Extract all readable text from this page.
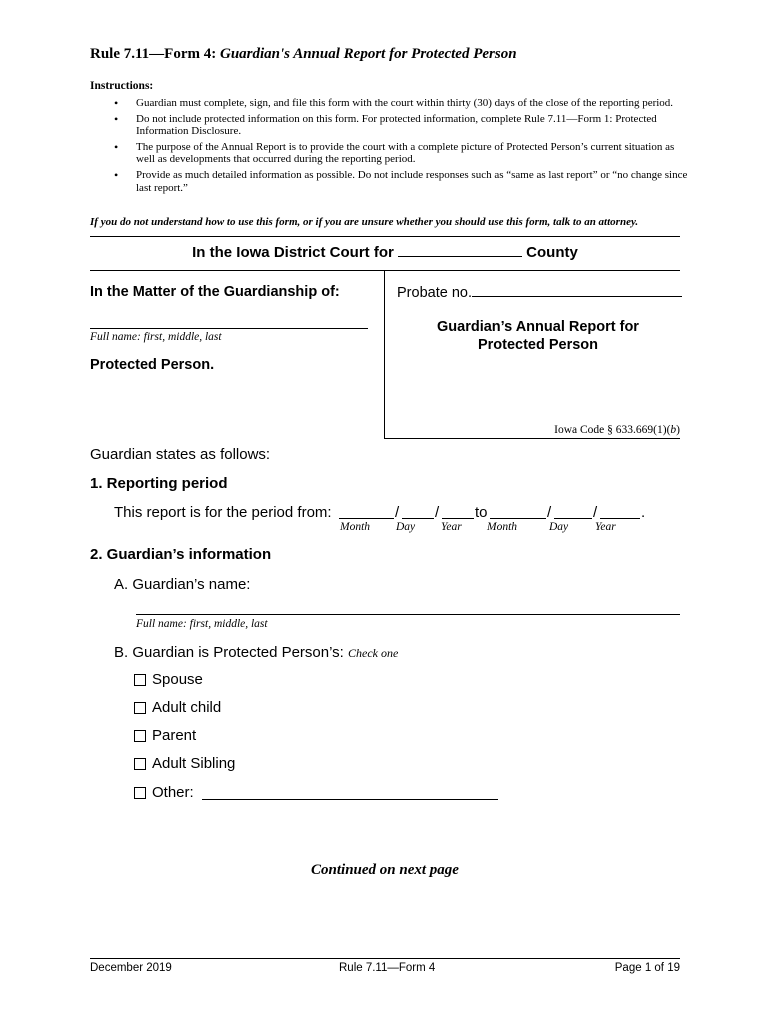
Rule 7.11—Form 4: Guardian's Annual Report for Protected Person
Instructions:
• Guardian must complete, sign, and file this form with the court within thirty (30) days of the close of the reporting period.
• Do not include protected information on this form. For protected information, complete Rule 7.11—Form 1: Protected Information Disclosure.
• The purpose of the Annual Report is to provide the court with a complete picture of Protected Person’s current situation as well as developments that occurred during the reporting period.
• Provide as much detailed information as possible. Do not include responses such as “same as last report” or “no change since last report.”
If you do not understand how to use this form, or if you are unsure whether you should use this form, talk to an attorney.
In the Iowa District Court for	County
In the Matter of the Guardianship of:
Full name: first, middle, last
Protected Person.
Probate no.
Guardian’s Annual Report for
Protected Person
Iowa Code § 633.669(1)(b)
Guardian states as follows:
1. Reporting period
This report is for the period from:	/ / to	/	/	.
Month Day Year Month	Day Year
2. Guardian’s information
A. Guardian’s name:
Full name: first, middle, last
B. Guardian is Protected Person’s: Check one
Spouse
Adult child
Parent
Adult Sibling
Other:
Continued on next page
December 2019	Rule 7.11—Form 4	Page 1 of 19
